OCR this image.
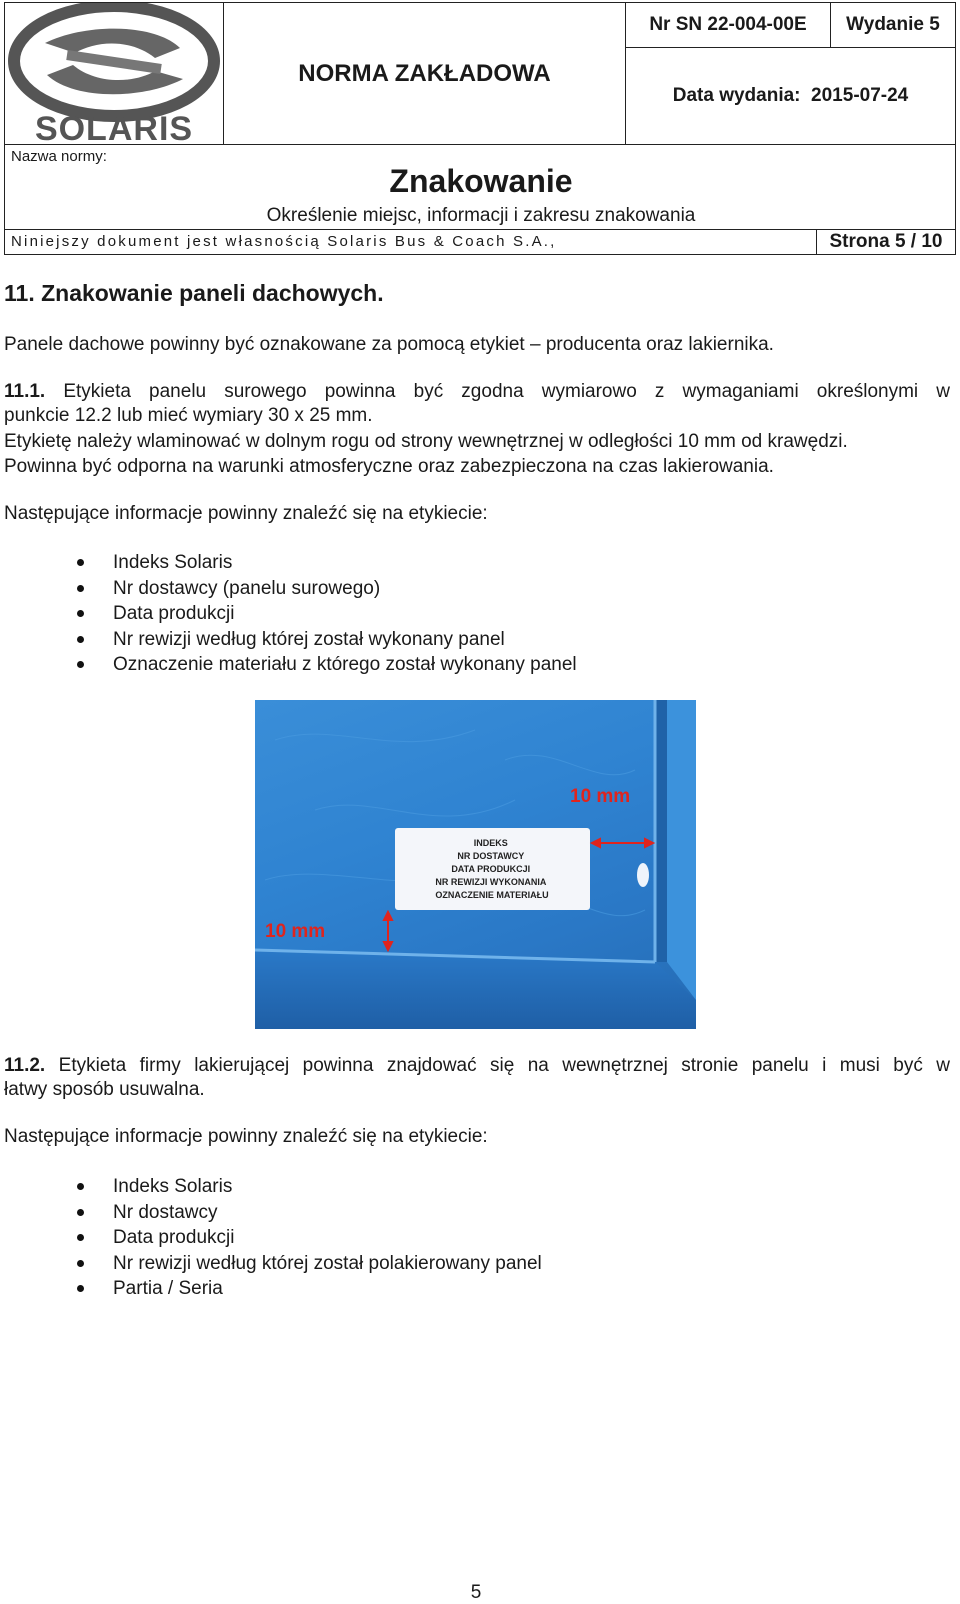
SOLARIS
NORMA ZAKŁADOWA
Nr SN 22-004-00E Wydanie 5
Data wydania:  2015-07-24
Nazwa normy:
Znakowanie
Określenie miejsc, informacji i zakresu znakowania
Niniejszy dokument jest własnością Solaris Bus & Coach S.A.,	Strona 5 / 10
11. Znakowanie paneli dachowych.
Panele dachowe powinny być oznakowane za pomocą etykiet – producenta oraz lakiernika.
11.1. Etykieta panelu surowego powinna być zgodna wymiarowo z wymaganiami określonymi w
punkcie 12.2 lub mieć wymiary 30 x 25 mm.
Etykietę należy wlaminować w dolnym rogu od strony wewnętrznej w odległości 10 mm od krawędzi.
Powinna być odporna na warunki atmosferyczne oraz zabezpieczona na czas lakierowania.
Następujące informacje powinny znaleźć się na etykiecie:
Indeks Solaris
Nr dostawcy (panelu surowego)
Data produkcji
Nr rewizji według której został wykonany panel
Oznaczenie materiału z którego został wykonany panel
INDEKS NR DOSTAWCY DATA PRODUKCJI NR REWIZJI WYKONANIA OZNACZENIE MATERIAŁU
10 mm
10 mm
11.2. Etykieta firmy lakierującej powinna znajdować się na wewnętrznej stronie panelu i musi być w
łatwy sposób usuwalna.
Następujące informacje powinny znaleźć się na etykiecie:
Indeks Solaris
Nr dostawcy
Data produkcji
Nr rewizji według której został polakierowany panel
Partia / Seria
5
